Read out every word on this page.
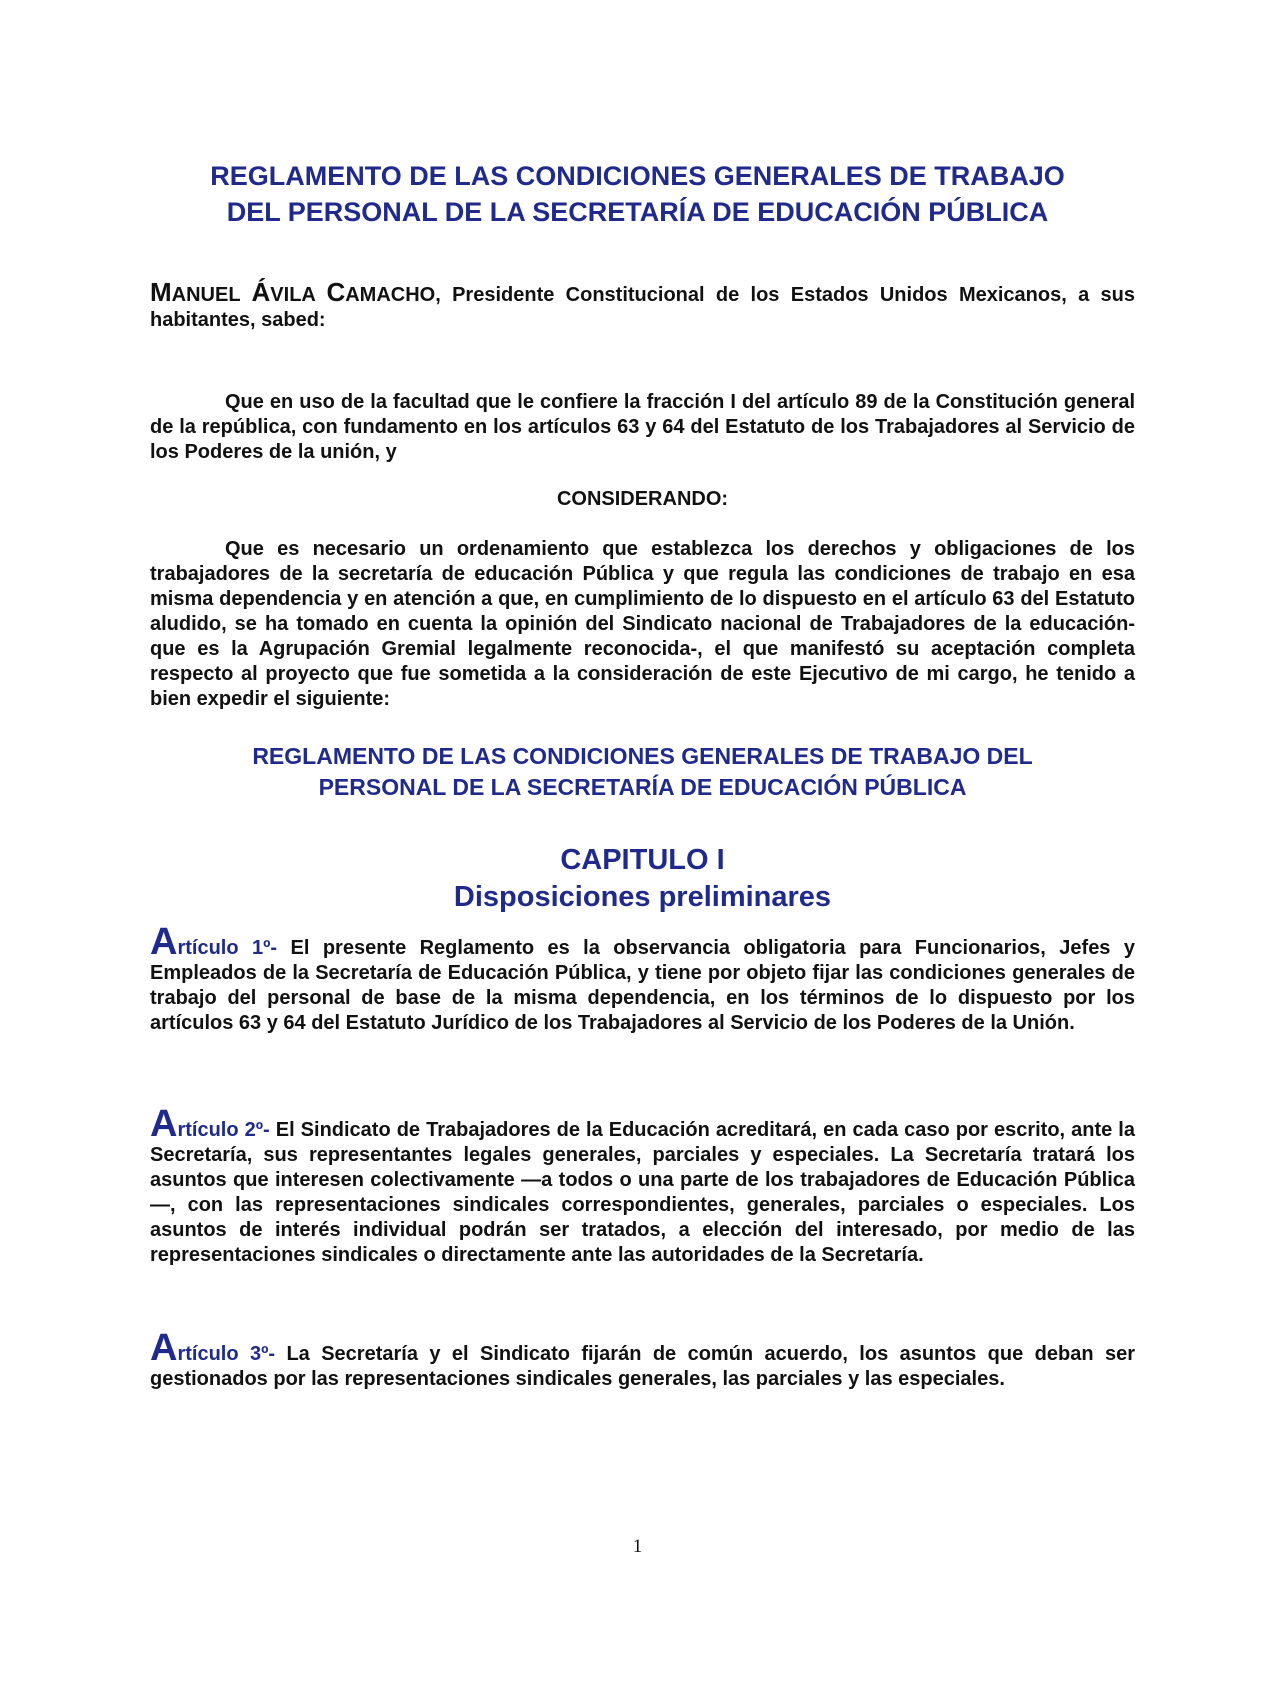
REGLAMENTO DE LAS CONDICIONES GENERALES DE TRABAJO
DEL PERSONAL DE LA SECRETARÍA DE EDUCACIÓN PÚBLICA
MANUEL ÁVILA CAMACHO, Presidente Constitucional de los Estados Unidos Mexicanos, a sus habitantes, sabed:
Que en uso de la facultad que le confiere la fracción I del artículo 89 de la Constitución general de la república, con fundamento en los artículos 63 y 64 del Estatuto de los Trabajadores al Servicio de los Poderes de la unión, y
CONSIDERANDO:
Que es necesario un ordenamiento que establezca los derechos y obligaciones de los trabajadores de la secretaría de educación Pública y que regula las condiciones de trabajo en esa misma dependencia y en atención a que, en cumplimiento de lo dispuesto en el artículo 63 del Estatuto aludido, se ha tomado en cuenta la opinión del Sindicato nacional de Trabajadores de la educación- que es la Agrupación Gremial legalmente reconocida-, el que manifestó su aceptación completa respecto al proyecto que fue sometida a la consideración de este Ejecutivo de mi cargo, he tenido a bien expedir el siguiente:
REGLAMENTO DE LAS CONDICIONES GENERALES DE TRABAJO DEL
PERSONAL DE LA SECRETARÍA DE EDUCACIÓN PÚBLICA
CAPITULO I
Disposiciones preliminares
Artículo 1º- El presente Reglamento es la observancia obligatoria para Funcionarios, Jefes y Empleados de la Secretaría de Educación Pública, y tiene por objeto fijar las condiciones generales de trabajo del personal de base de la misma dependencia, en los términos de lo dispuesto por los artículos 63 y 64 del Estatuto Jurídico de los Trabajadores al Servicio de los Poderes de la Unión.
Artículo 2º- El Sindicato de Trabajadores de la Educación acreditará, en cada caso por escrito, ante la Secretaría, sus representantes legales generales, parciales y especiales. La Secretaría tratará los asuntos que interesen colectivamente —a todos o una parte de los trabajadores de Educación Pública—, con las representaciones sindicales correspondientes, generales, parciales o especiales. Los asuntos de interés individual podrán ser tratados, a elección del interesado, por medio de las representaciones sindicales o directamente ante las autoridades de la Secretaría.
Artículo 3º- La Secretaría y el Sindicato fijarán de común acuerdo, los asuntos que deban ser gestionados por las representaciones sindicales generales, las parciales y las especiales.
1
